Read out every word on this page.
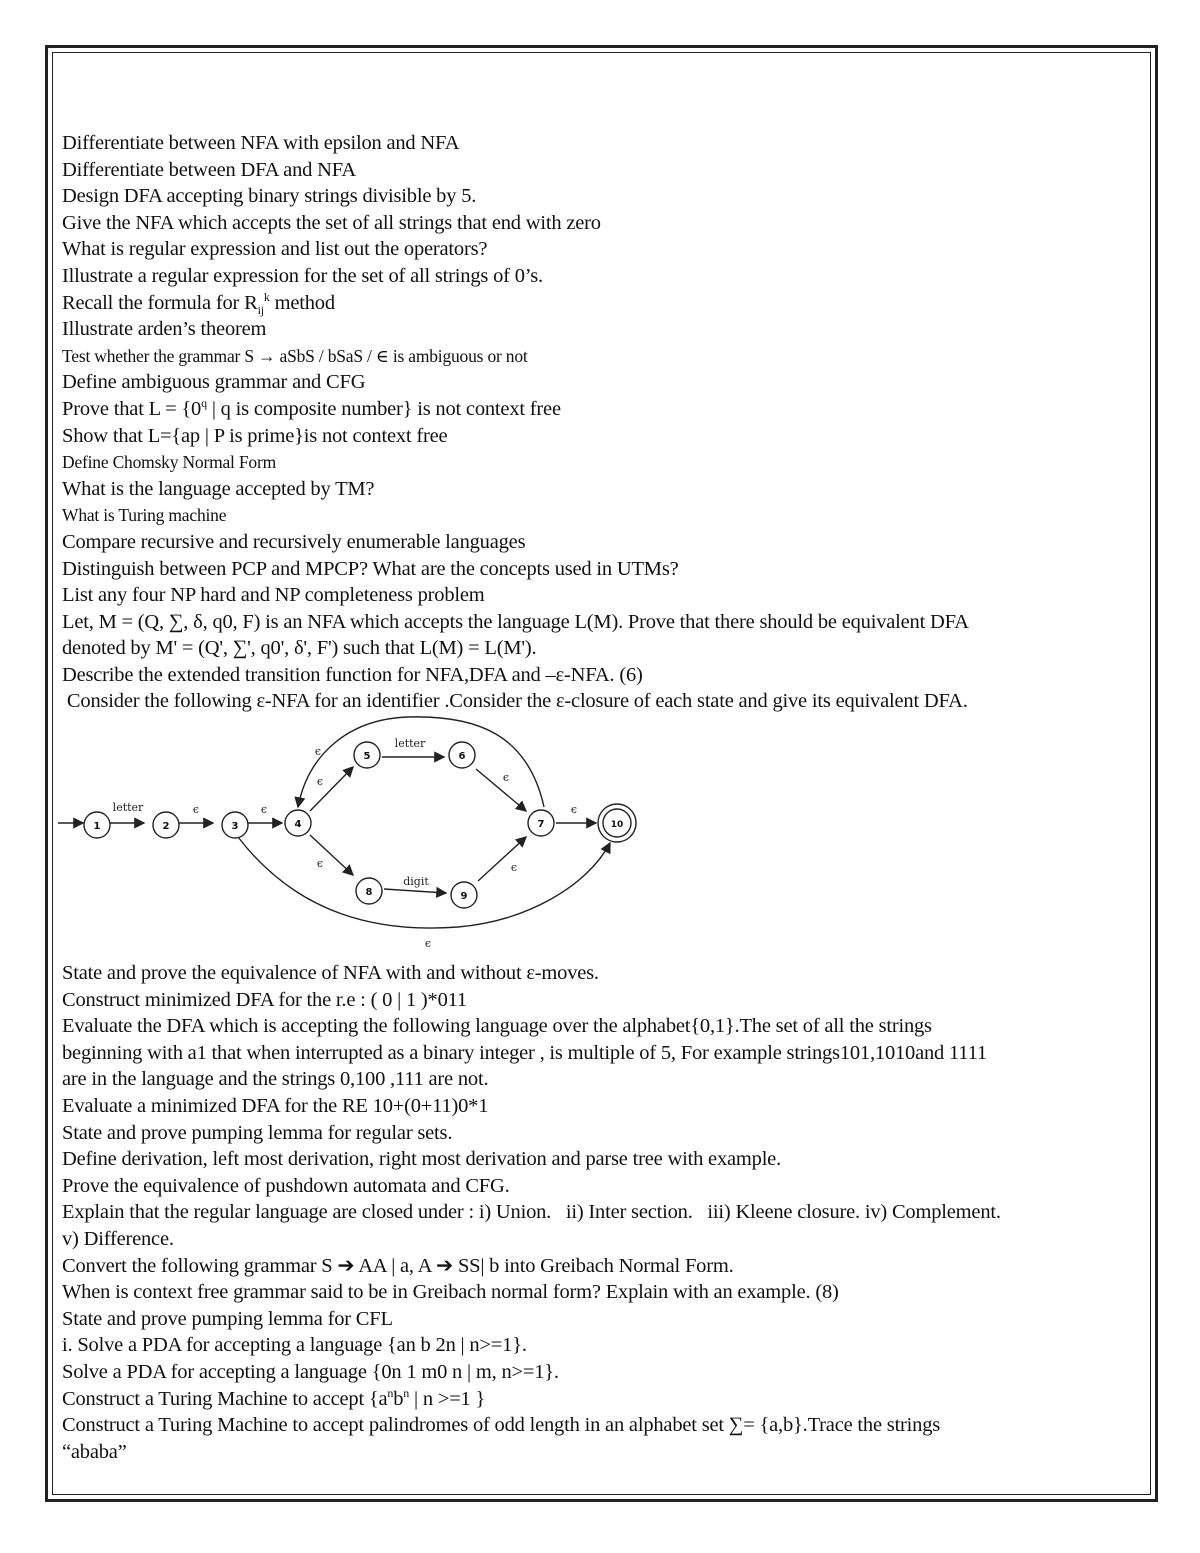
Differentiate between NFA with epsilon and NFA
Differentiate between DFA and NFA
Design DFA accepting binary strings divisible by 5.
Give the NFA which accepts the set of all strings that end with zero
What is regular expression and list out the operators?
Illustrate a regular expression for the set of all strings of 0’s.
Recall the formula for $R_{ij}^k$ method
Illustrate arden’s theorem
Test whether the grammar S → aSbS / bSaS / ∈ is ambiguous or not
Define ambiguous grammar and CFG
Prove that $L = \{0^q$ | q is composite number} is not context free
Show that L={ap | P is prime}is not context free
Define Chomsky Normal Form
What is the language accepted by TM?
What is Turing machine
Compare recursive and recursively enumerable languages
Distinguish between PCP and MPCP? What are the concepts used in UTMs?
List any four NP hard and NP completeness problem
Let, M = (Q, ∑, δ, q0, F) is an NFA which accepts the language L(M). Prove that there should be equivalent DFA
denoted by M' = (Q', ∑', q0', δ', F') such that L(M) = L(M').
Describe the extended transition function for NFA,DFA and –ε-NFA. (6)
Consider the following ε-NFA for an identifier .Consider the ε-closure of each state and give its equivalent DFA.
1	2	3	4
5	6
7
8	9
10
letter	ϵ	ϵ
ϵ
letter
ϵ
ϵ
digit
ϵ
ϵ
ϵ
ϵ
State and prove the equivalence of NFA with and without ε-moves.
Construct minimized DFA for the r.e : ( 0 | 1 )*011
Evaluate the DFA which is accepting the following language over the alphabet{0,1}.The set of all the strings
beginning with a1 that when interrupted as a binary integer , is multiple of 5, For example strings101,1010and 1111
are in the language and the strings 0,100 ,111 are not.
Evaluate a minimized DFA for the RE 10+(0+11)0*1
State and prove pumping lemma for regular sets.
Define derivation, left most derivation, right most derivation and parse tree with example.
Prove the equivalence of pushdown automata and CFG.
Explain that the regular language are closed under : i) Union.   ii) Inter section.   iii) Kleene closure. iv) Complement.
v) Difference.
Convert the following grammar S ➔ AA | a, A ➔ SS| b into Greibach Normal Form.
When is context free grammar said to be in Greibach normal form? Explain with an example. (8)
State and prove pumping lemma for CFL
i. Solve a PDA for accepting a language {an b 2n | n>=1}.
Solve a PDA for accepting a language {0n 1 m0 n | m, n>=1}.
Construct a Turing Machine to accept {$a^nb^n$ | n >=1 }
Construct a Turing Machine to accept palindromes of odd length in an alphabet set ∑= {a,b}.Trace the strings
“ababa”
